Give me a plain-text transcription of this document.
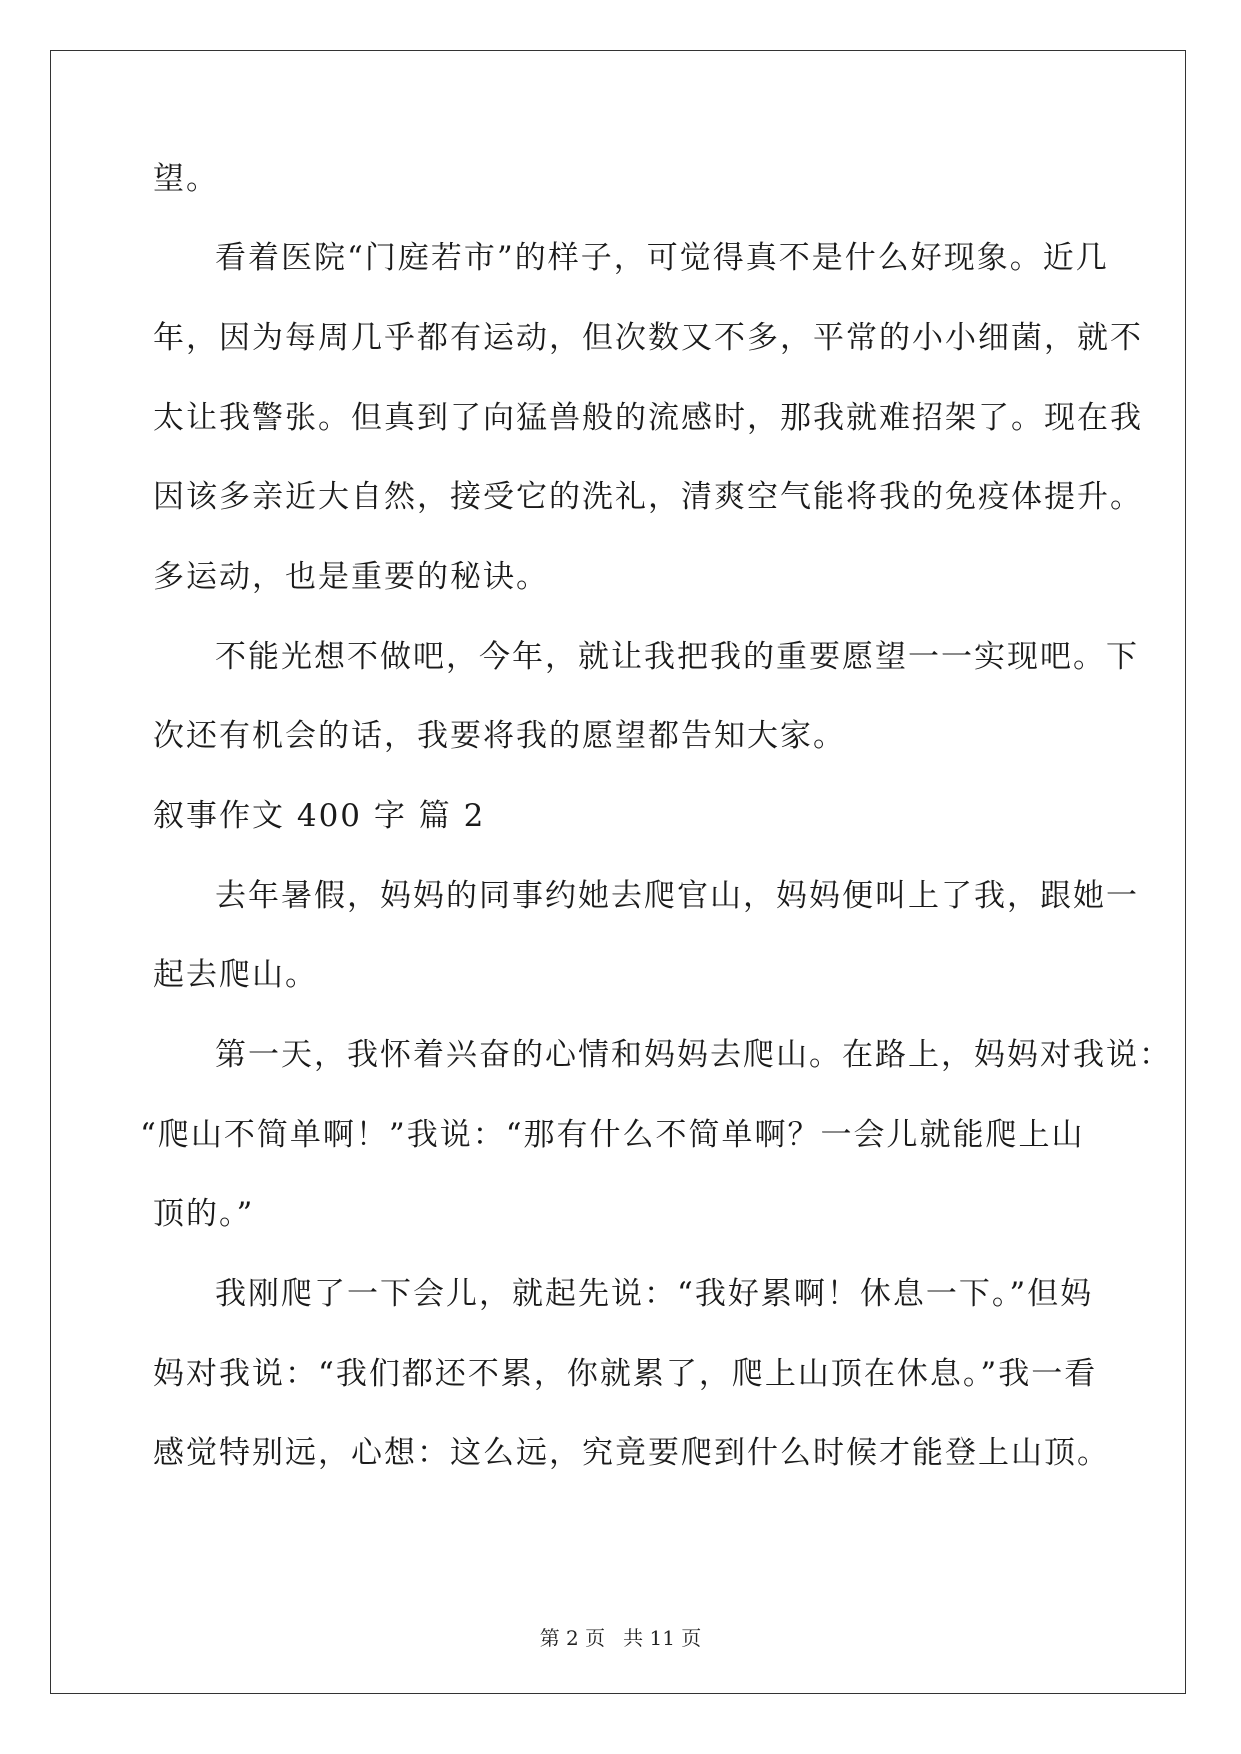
望。
看着医院“门庭若市”的样子，可觉得真不是什么好现象。近几
年，因为每周几乎都有运动，但次数又不多，平常的小小细菌，就不
太让我警张。但真到了向猛兽般的流感时，那我就难招架了。现在我
因该多亲近大自然，接受它的洗礼，清爽空气能将我的免疫体提升。
多运动，也是重要的秘诀。
不能光想不做吧，今年，就让我把我的重要愿望一一实现吧。下
次还有机会的话，我要将我的愿望都告知大家。
叙事作文 400 字 篇 2
去年暑假，妈妈的同事约她去爬官山，妈妈便叫上了我，跟她一
起去爬山。
第一天，我怀着兴奋的心情和妈妈去爬山。在路上，妈妈对我说：
“爬山不简单啊！”我说：“那有什么不简单啊？一会儿就能爬上山
顶的。”
我刚爬了一下会儿，就起先说：“我好累啊！休息一下。”但妈
妈对我说：“我们都还不累，你就累了，爬上山顶在休息。”我一看
感觉特别远，心想：这么远，究竟要爬到什么时候才能登上山顶。
第 2 页 共 11 页
